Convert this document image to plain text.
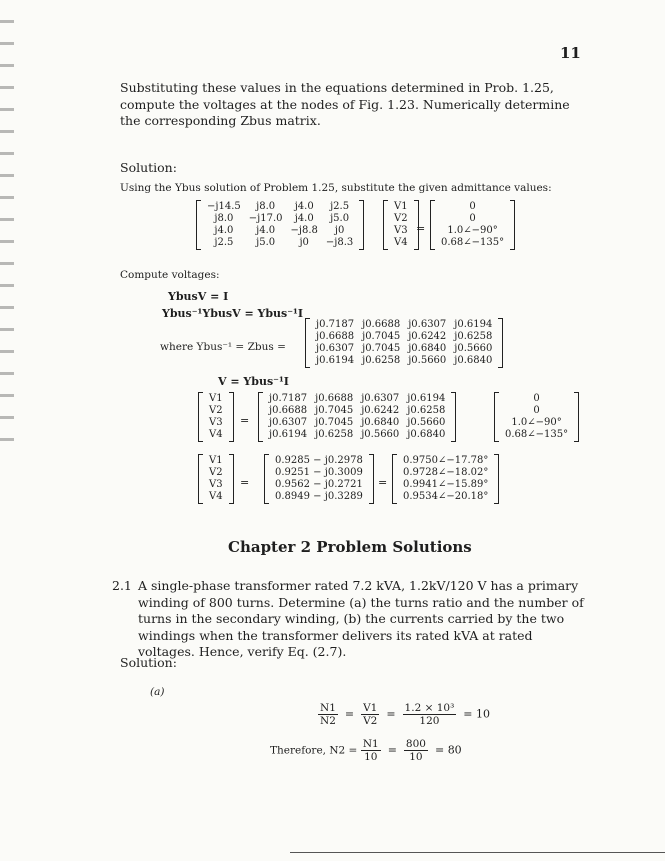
11
Substituting these values in the equations determined in Prob. 1.25, compute the voltages at the nodes of Fig. 1.23. Numerically determine the corresponding Zbus matrix.
Solution:
Using the Ybus solution of Problem 1.25, substitute the given admittance values:
−j14.5	j8.0	j4.0	j2.5
j8.0	−j17.0	j4.0	j5.0
j4.0	j4.0	−j8.8	j0
j2.5	j5.0	j0	−j8.3
V1
V2
V3
V4
=
0
0
1.0∠−90°
0.68∠−135°
Compute voltages:
YbusV = I
Ybus⁻¹YbusV = Ybus⁻¹I
where Ybus⁻¹ = Zbus =
j0.7187	j0.6688	j0.6307	j0.6194
j0.6688	j0.7045	j0.6242	j0.6258
j0.6307	j0.7045	j0.6840	j0.5660
j0.6194	j0.6258	j0.5660	j0.6840
V = Ybus⁻¹I
V1
V2
V3
V4
=
j0.7187	j0.6688	j0.6307	j0.6194
j0.6688	j0.7045	j0.6242	j0.6258
j0.6307	j0.7045	j0.6840	j0.5660
j0.6194	j0.6258	j0.5660	j0.6840
0
0
1.0∠−90°
0.68∠−135°
V1
V2
V3
V4
=
0.9285 − j0.2978
0.9251 − j0.3009
0.9562 − j0.2721
0.8949 − j0.3289
=
0.9750∠−17.78°
0.9728∠−18.02°
0.9941∠−15.89°
0.9534∠−20.18°
Chapter 2 Problem Solutions
2.1 A single-phase transformer rated 7.2 kVA, 1.2kV/120 V has a primary winding of 800 turns. Determine (a) the turns ratio and the number of turns in the secondary winding, (b) the currents carried by the two windings when the transformer delivers its rated kVA at rated voltages. Hence, verify Eq. (2.7).
Solution:
(a)
$\frac{N1}{N2} = \frac{V1}{V2} = \frac{\text{1.2 × 10³}}{120} = 10$
Therefore, $N2 = \frac{N1}{10} = \frac{800}{10} = 80$
